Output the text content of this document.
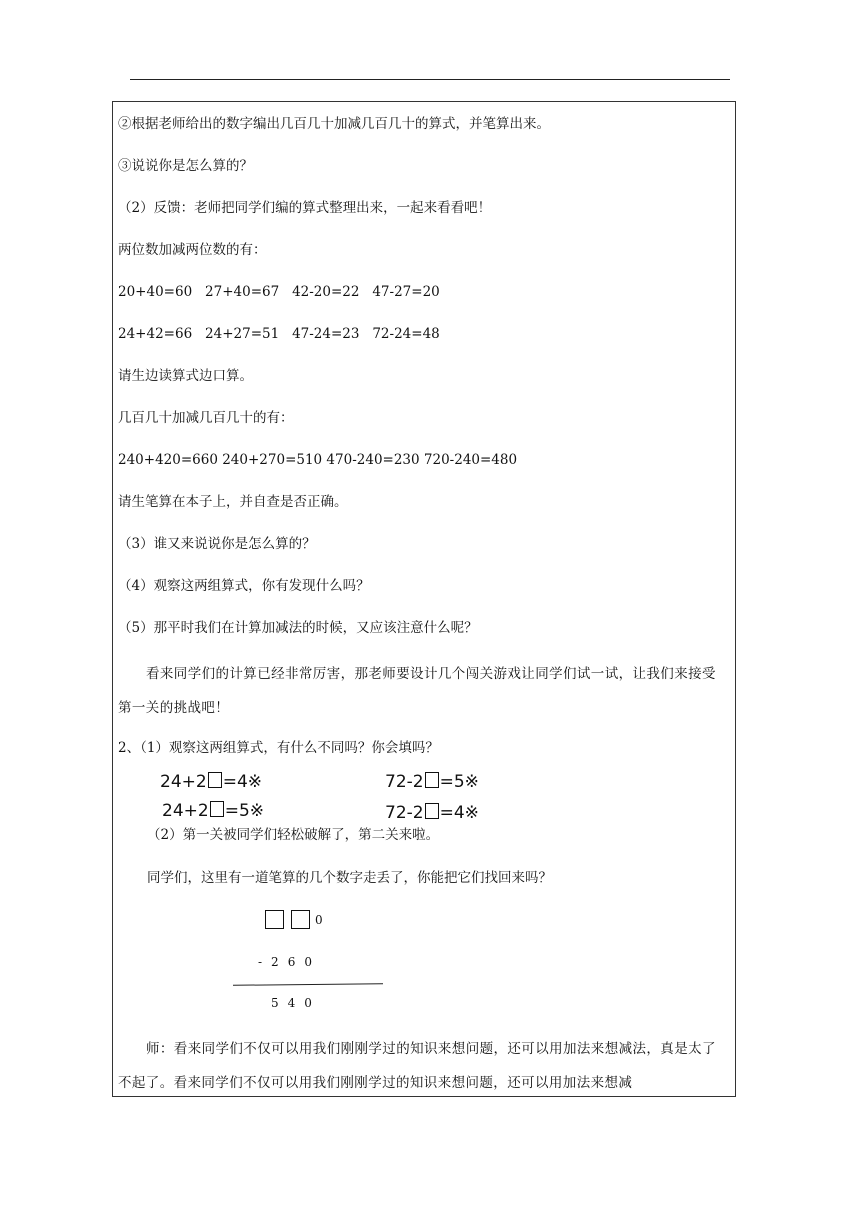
②根据老师给出的数字编出几百几十加减几百几十的算式，并笔算出来。
③说说你是怎么算的？
（2）反馈：老师把同学们编的算式整理出来，一起来看看吧！
两位数加减两位数的有：
20+40=60   27+40=67   42-20=22   47-27=20
24+42=66   24+27=51   47-24=23   72-24=48
请生边读算式边口算。
几百几十加减几百几十的有：
240+420=660 240+270=510 470-240=230 720-240=480
请生笔算在本子上，并自查是否正确。
（3）谁又来说说你是怎么算的？
（4）观察这两组算式，你有发现什么吗？
（5）那平时我们在计算加减法的时候，又应该注意什么呢？
看来同学们的计算已经非常厉害，那老师要设计几个闯关游戏让同学们试一试，让我们来接受第一关的挑战吧！
2、（1）观察这两组算式，有什么不同吗？你会填吗？
24+2 =4※	72-2 =5※
24+2 =5※	72-2 =4※
（2）第一关被同学们轻松破解了，第二关来啦。
同学们，这里有一道笔算的几个数字走丢了，你能把它们找回来吗？
0
-260
540
师：看来同学们不仅可以用我们刚刚学过的知识来想问题，还可以用加法来想减法，真是太了不起了。看来同学们不仅可以用我们刚刚学过的知识来想问题，还可以用加法来想减
